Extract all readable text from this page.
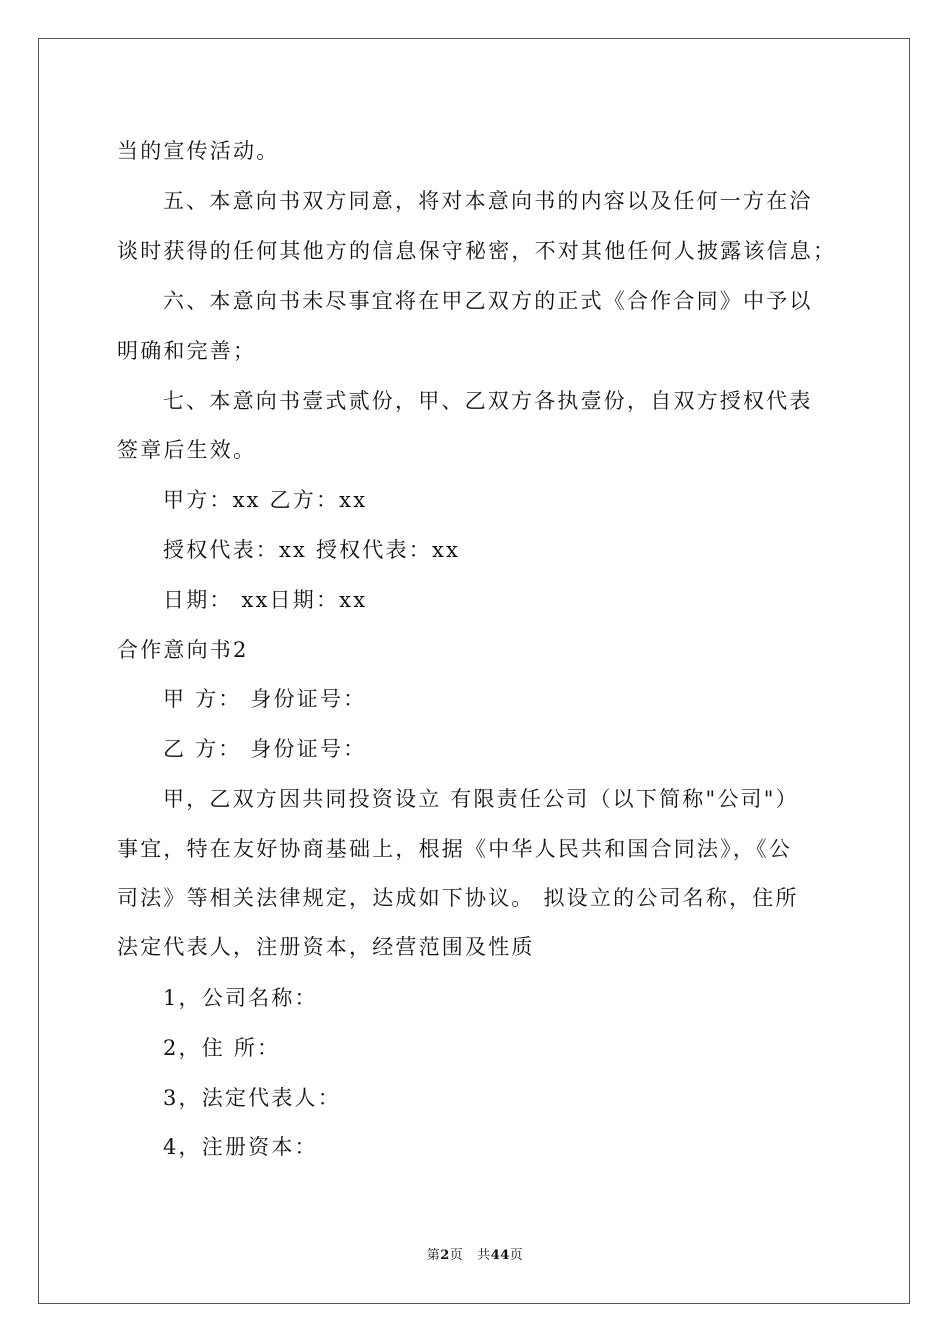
当的宣传活动。
五、本意向书双方同意，将对本意向书的内容以及任何一方在洽
谈时获得的任何其他方的信息保守秘密，不对其他任何人披露该信息；
六、本意向书未尽事宜将在甲乙双方的正式《合作合同》中予以
明确和完善；
七、本意向书壹式贰份，甲、乙双方各执壹份，自双方授权代表
签章后生效。
甲方：xx 乙方：xx
授权代表：xx 授权代表：xx
日期： xx日期：xx
合作意向书2
甲 方： 身份证号：
乙 方： 身份证号：
甲，乙双方因共同投资设立 有限责任公司（以下简称"公司"）
事宜，特在友好协商基础上，根据《中华人民共和国合同法》，《公
司法》等相关法律规定，达成如下协议。 拟设立的公司名称，住所
法定代表人，注册资本，经营范围及性质
1，公司名称：
2，住 所：
3，法定代表人：
4，注册资本：
第2页 共44页
